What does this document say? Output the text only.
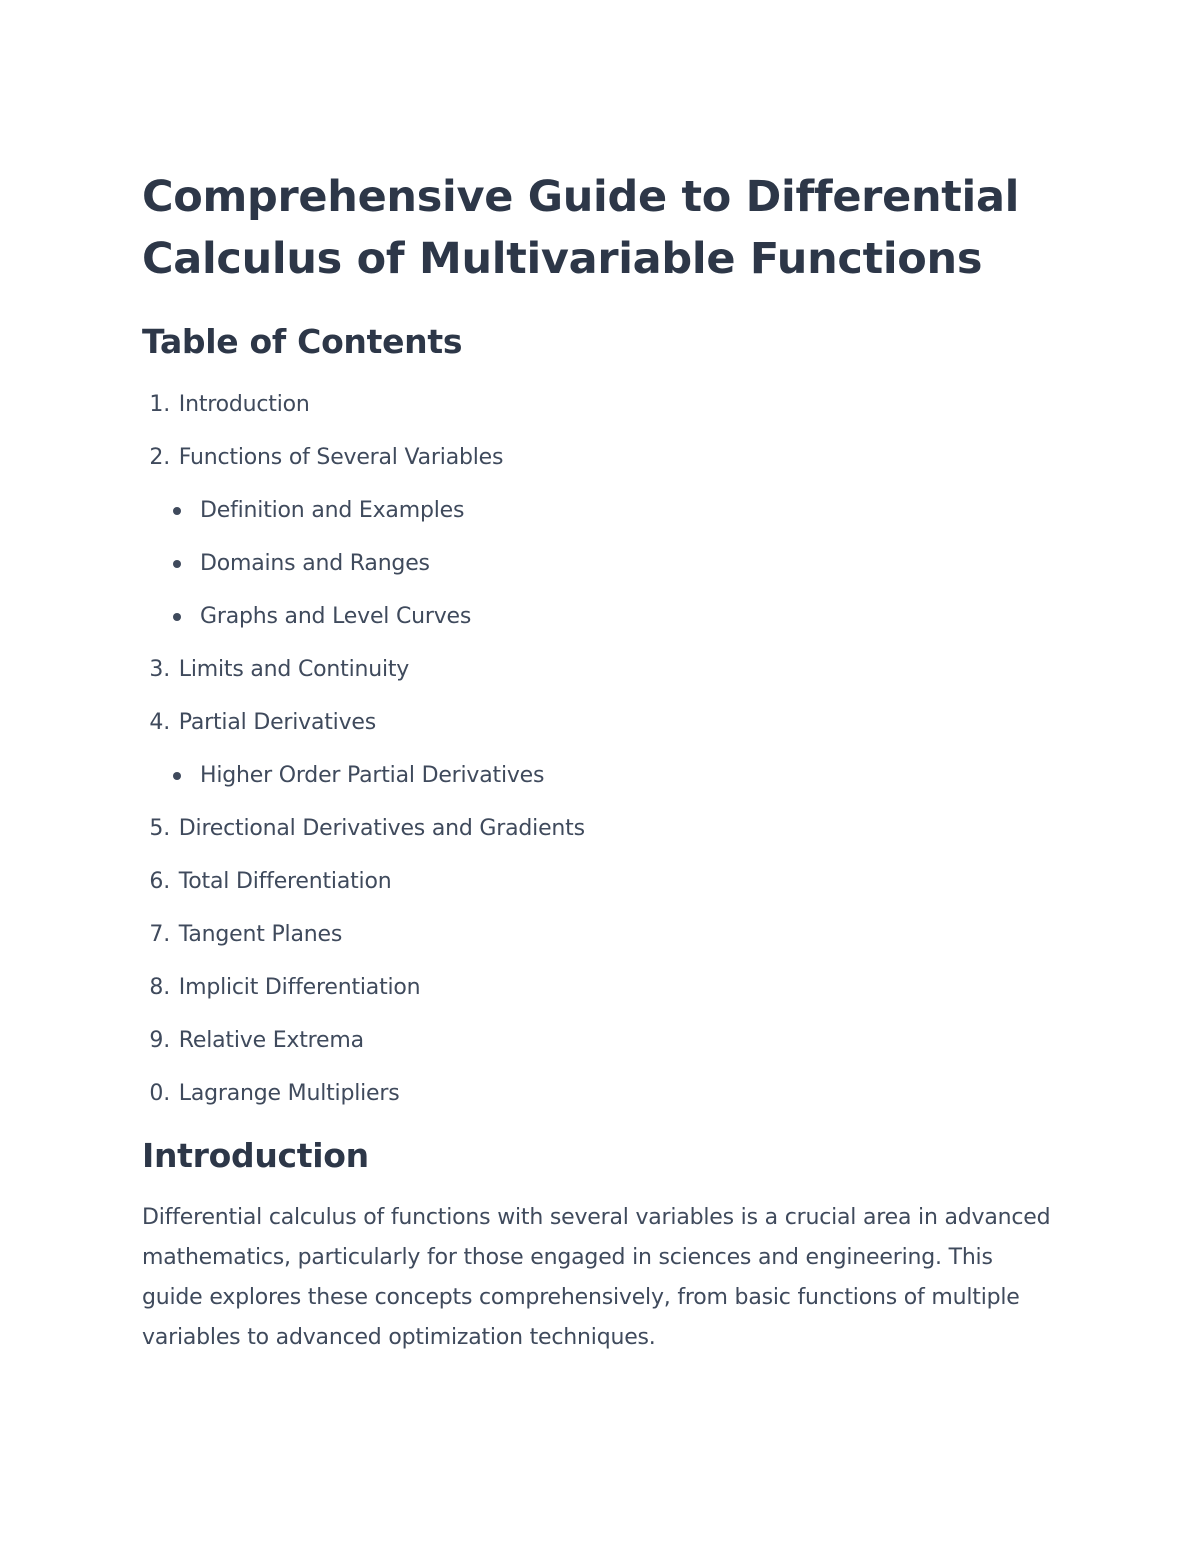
Comprehensive Guide to Differential Calculus of Multivariable Functions
Table of Contents
1. Introduction
2. Functions of Several Variables
Definition and Examples
Domains and Ranges
Graphs and Level Curves
3. Limits and Continuity
4. Partial Derivatives
Higher Order Partial Derivatives
5. Directional Derivatives and Gradients
6. Total Differentiation
7. Tangent Planes
8. Implicit Differentiation
9. Relative Extrema
0. Lagrange Multipliers
Introduction

Differential calculus of functions with several variables is a crucial area in advanced mathematics, particularly for those engaged in sciences and engineering. This guide explores these concepts comprehensively, from basic functions of multiple variables to advanced optimization techniques.
